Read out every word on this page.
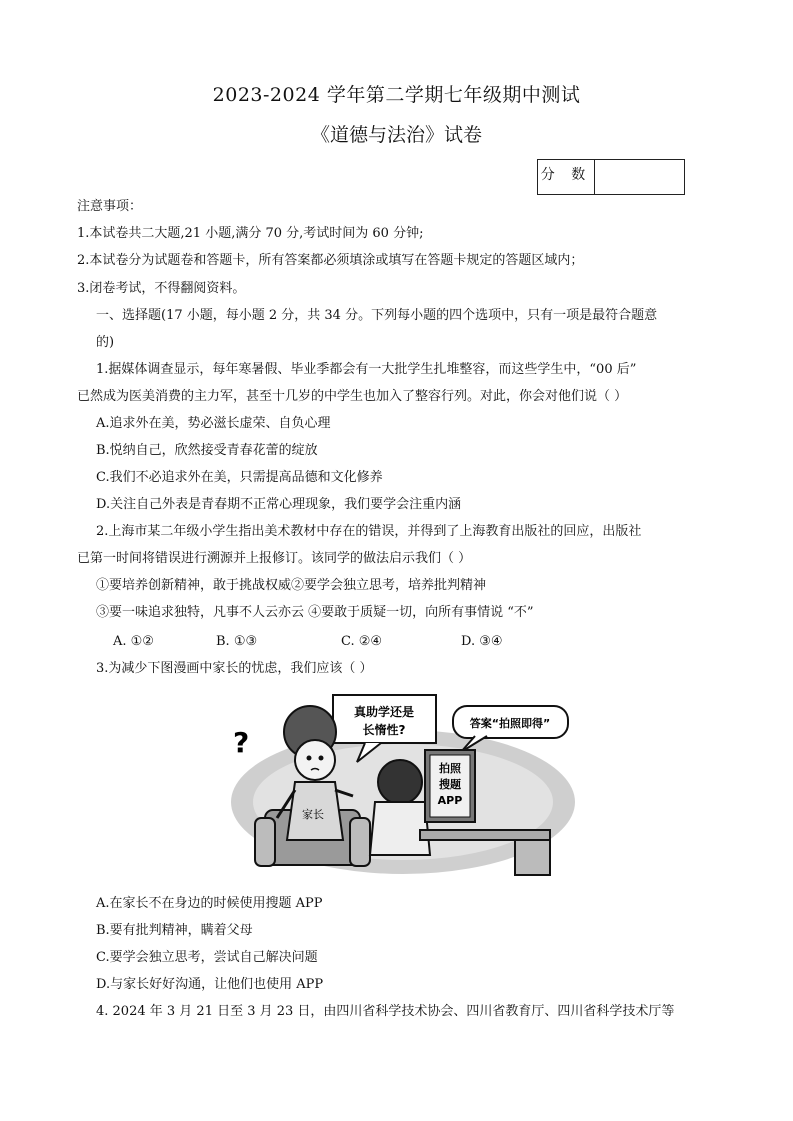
2023-2024 学年第二学期七年级期中测试
《道德与法治》试卷
分 数
注意事项：
1.本试卷共二大题,21 小题,满分 70 分,考试时间为 60 分钟;
2.本试卷分为试题卷和答题卡，所有答案都必须填涂或填写在答题卡规定的答题区域内；
3.闭卷考试，不得翻阅资料。
一、选择题(17 小题，每小题 2 分，共 34 分。下列每小题的四个选项中，只有一项是最符合题意
的)
1.据媒体调查显示，每年寒暑假、毕业季都会有一大批学生扎堆整容，而这些学生中，“00 后”
已然成为医美消费的主力军，甚至十几岁的中学生也加入了整容行列。对此，你会对他们说（ ）
A.追求外在美，势必滋长虚荣、自负心理
B.悦纳自己，欣然接受青春花蕾的绽放
C.我们不必追求外在美，只需提高品德和文化修养
D.关注自己外表是青春期不正常心理现象，我们要学会注重内涵
2.上海市某二年级小学生指出美术教材中存在的错误，并得到了上海教育出版社的回应，出版社
已第一时间将错误进行溯源并上报修订。该同学的做法启示我们（ ）
①要培养创新精神，敢于挑战权威②要学会独立思考，培养批判精神
③要一味追求独特，凡事不人云亦云 ④要敢于质疑一切，向所有事情说 “不”
A. ①②	B. ①③	C. ②④	D. ③④
3.为减少下图漫画中家长的忧虑，我们应该（ ）
真助学还是
长惰性?	答案“拍照即得”
?
家长
拍照
搜题
APP
A.在家长不在身边的时候使用搜题 APP
B.要有批判精神，瞒着父母
C.要学会独立思考，尝试自己解决问题
D.与家长好好沟通，让他们也使用 APP
4. 2024 年 3 月 21 日至 3 月 23 日，由四川省科学技术协会、四川省教育厅、四川省科学技术厅等
